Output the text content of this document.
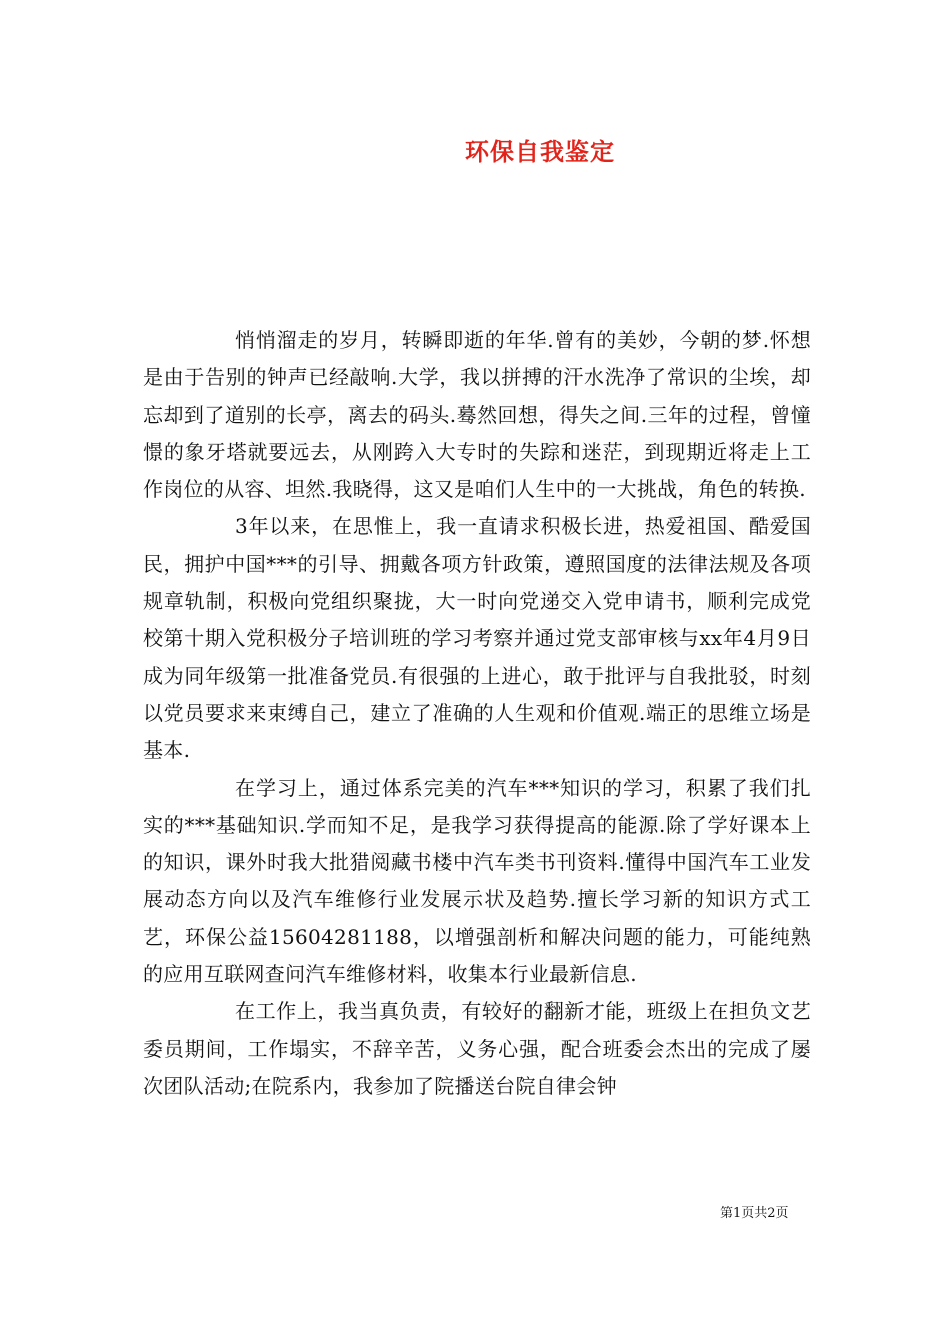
环保自我鉴定

悄悄溜走的岁月，转瞬即逝的年华.曾有的美妙，今朝的梦.怀想是由于告别的钟声已经敲响.大学，我以拼搏的汗水洗净了常识的尘埃，却忘却到了道别的长亭，离去的码头.蓦然回想，得失之间.三年的过程，曾憧憬的象牙塔就要远去，从刚跨入大专时的失踪和迷茫，到现期近将走上工作岗位的从容、坦然.我晓得，这又是咱们人生中的一大挑战，角色的转换.

3年以来，在思惟上，我一直请求积极长进，热爱祖国、酷爱国民，拥护中国***的引导、拥戴各项方针政策，遵照国度的法律法规及各项规章轨制，积极向党组织聚拢，大一时向党递交入党申请书，顺利完成党校第十期入党积极分子培训班的学习考察并通过党支部审核与xx年4月9日成为同年级第一批准备党员.有很强的上进心，敢于批评与自我批驳，时刻以党员要求来束缚自己，建立了准确的人生观和价值观.端正的思维立场是基本.

在学习上，通过体系完美的汽车***知识的学习，积累了我们扎实的***基础知识.学而知不足，是我学习获得提高的能源.除了学好课本上的知识，课外时我大批猎阅藏书楼中汽车类书刊资料.懂得中国汽车工业发展动态方向以及汽车维修行业发展示状及趋势.擅长学习新的知识方式工艺，环保公益15604281188，以增强剖析和解决问题的能力，可能纯熟的应用互联网查问汽车维修材料，收集本行业最新信息.

在工作上，我当真负责，有较好的翻新才能，班级上在担负文艺委员期间，工作塌实，不辞辛苦，义务心强，配合班委会杰出的完成了屡次团队活动;在院系内，我参加了院播送台院自律会钟

第1页共2页
